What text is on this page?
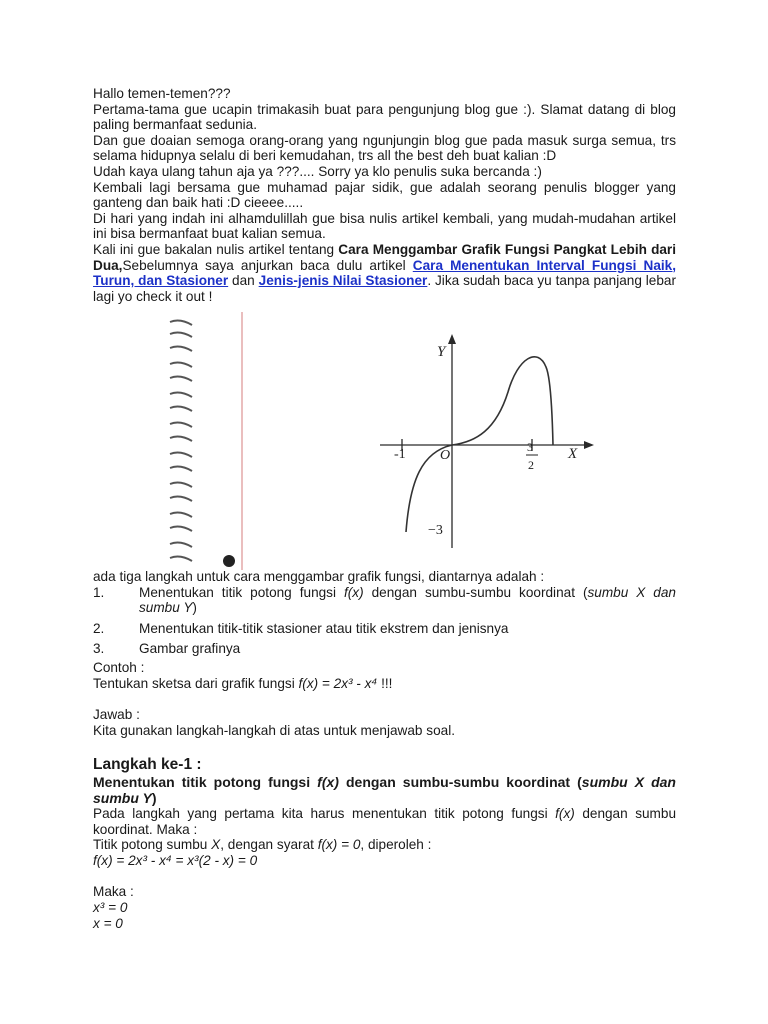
Hallo temen-temen???

Pertama-tama gue ucapin trimakasih buat para pengunjung blog gue :). Slamat datang di blog paling bermanfaat sedunia.

Dan gue doaian semoga orang-orang yang ngunjungin blog gue pada masuk surga semua, trs selama hidupnya selalu di beri kemudahan, trs all the best deh buat kalian :D

Udah kaya ulang tahun aja ya ???.... Sorry ya klo penulis suka bercanda :)

Kembali lagi bersama gue muhamad pajar sidik, gue adalah seorang penulis blogger yang ganteng dan baik hati :D cieeee.....

Di hari yang indah ini alhamdulillah gue bisa nulis artikel kembali, yang mudah-mudahan artikel ini bisa bermanfaat buat kalian semua.

Kali ini gue bakalan nulis artikel tentang Cara Menggambar Grafik Fungsi Pangkat Lebih dari Dua,Sebelumnya saya anjurkan baca dulu artikel Cara Menentukan Interval Fungsi Naik, Turun, dan Stasioner dan Jenis-jenis Nilai Stasioner. Jika sudah baca yu tanpa panjang lebar lagi yo check it out !

Y
X
O
-1	3
2
−3

ada tiga langkah untuk cara menggambar grafik fungsi, diantarnya adalah :

1.	Menentukan titik potong fungsi f(x) dengan sumbu-sumbu koordinat (sumbu X dan sumbu Y)
2.	Menentukan titik-titik stasioner atau titik ekstrem dan jenisnya
3.	Gambar grafinya

Contoh :

Tentukan sketsa dari grafik fungsi f(x) = 2x³ - x⁴ !!!

Jawab :

Kita gunakan langkah-langkah di atas untuk menjawab soal.

Langkah ke-1 :

Menentukan titik potong fungsi f(x) dengan sumbu-sumbu koordinat (sumbu X dan sumbu Y)

Pada langkah yang pertama kita harus menentukan titik potong fungsi f(x) dengan sumbu koordinat. Maka :

Titik potong sumbu X, dengan syarat f(x) = 0, diperoleh :

f(x) = 2x³ - x⁴ = x³(2 - x) = 0

Maka :

x³ = 0

x = 0
